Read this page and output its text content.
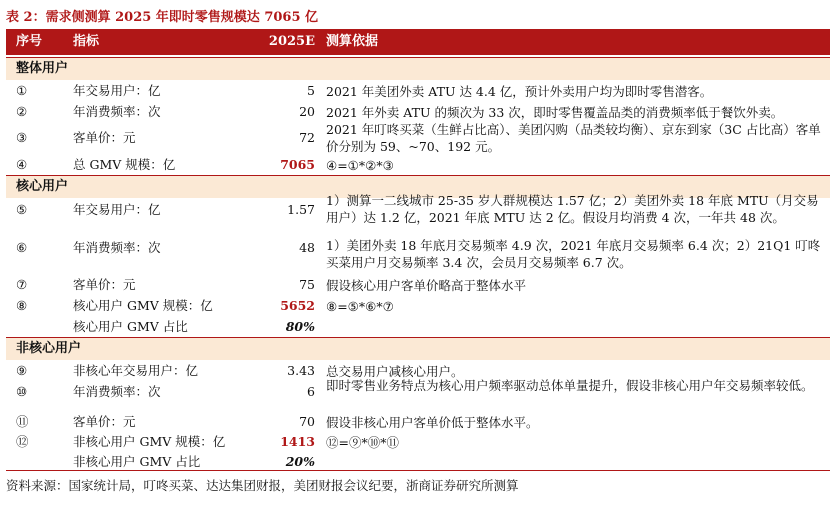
表 2：需求侧测算 2025 年即时零售规模达 7065 亿
序号 指标	2025E 测算依据
整体用户
①	年交易用户：亿	5 2021 年美团外卖 ATU 达 4.4 亿，预计外卖用户均为即时零售潜客。
②	年消费频率：次	20 2021 年外卖 ATU 的频次为 33 次，即时零售覆盖品类的消费频率低于餐饮外卖。
③	客单价：元	72
2021 年叮咚买菜（生鲜占比高）、美团闪购（品类较均衡）、京东到家（3C 占比高）客单价分别为 59、~70、192 元。
④	总 GMV 规模：亿	7065 ④=①*②*③
核心用户
⑤	年交易用户：亿	1.57
1）测算一二线城市 25-35 岁人群规模达 1.57 亿；2）美团外卖 18 年底 MTU（月交易用户）达 1.2 亿，2021 年底 MTU 达 2 亿。假设月均消费 4 次，一年共 48 次。
⑥	年消费频率：次	48 1）美团外卖 18 年底月交易频率 4.9 次，2021 年底月交易频率 6.4 次；2）21Q1 叮咚买菜用户月交易频率 3.4 次，会员月交易频率 6.7 次。
⑦	客单价：元	75 假设核心用户客单价略高于整体水平
⑧	核心用户 GMV 规模：亿	5652 ⑧=⑤*⑥*⑦
核心用户 GMV 占比	80%
非核心用户
⑨	非核心年交易用户：亿	3.43 总交易用户减核心用户。
⑩	年消费频率：次	6 即时零售业务特点为核心用户频率驱动总体单量提升，假设非核心用户年交易频率较低。
⑪	客单价：元	70 假设非核心用户客单价低于整体水平。
⑫	非核心用户 GMV 规模：亿	1413 ⑫=⑨*⑩*⑪
非核心用户 GMV 占比	20%
资料来源：国家统计局，叮咚买菜、达达集团财报，美团财报会议纪要，浙商证券研究所测算
